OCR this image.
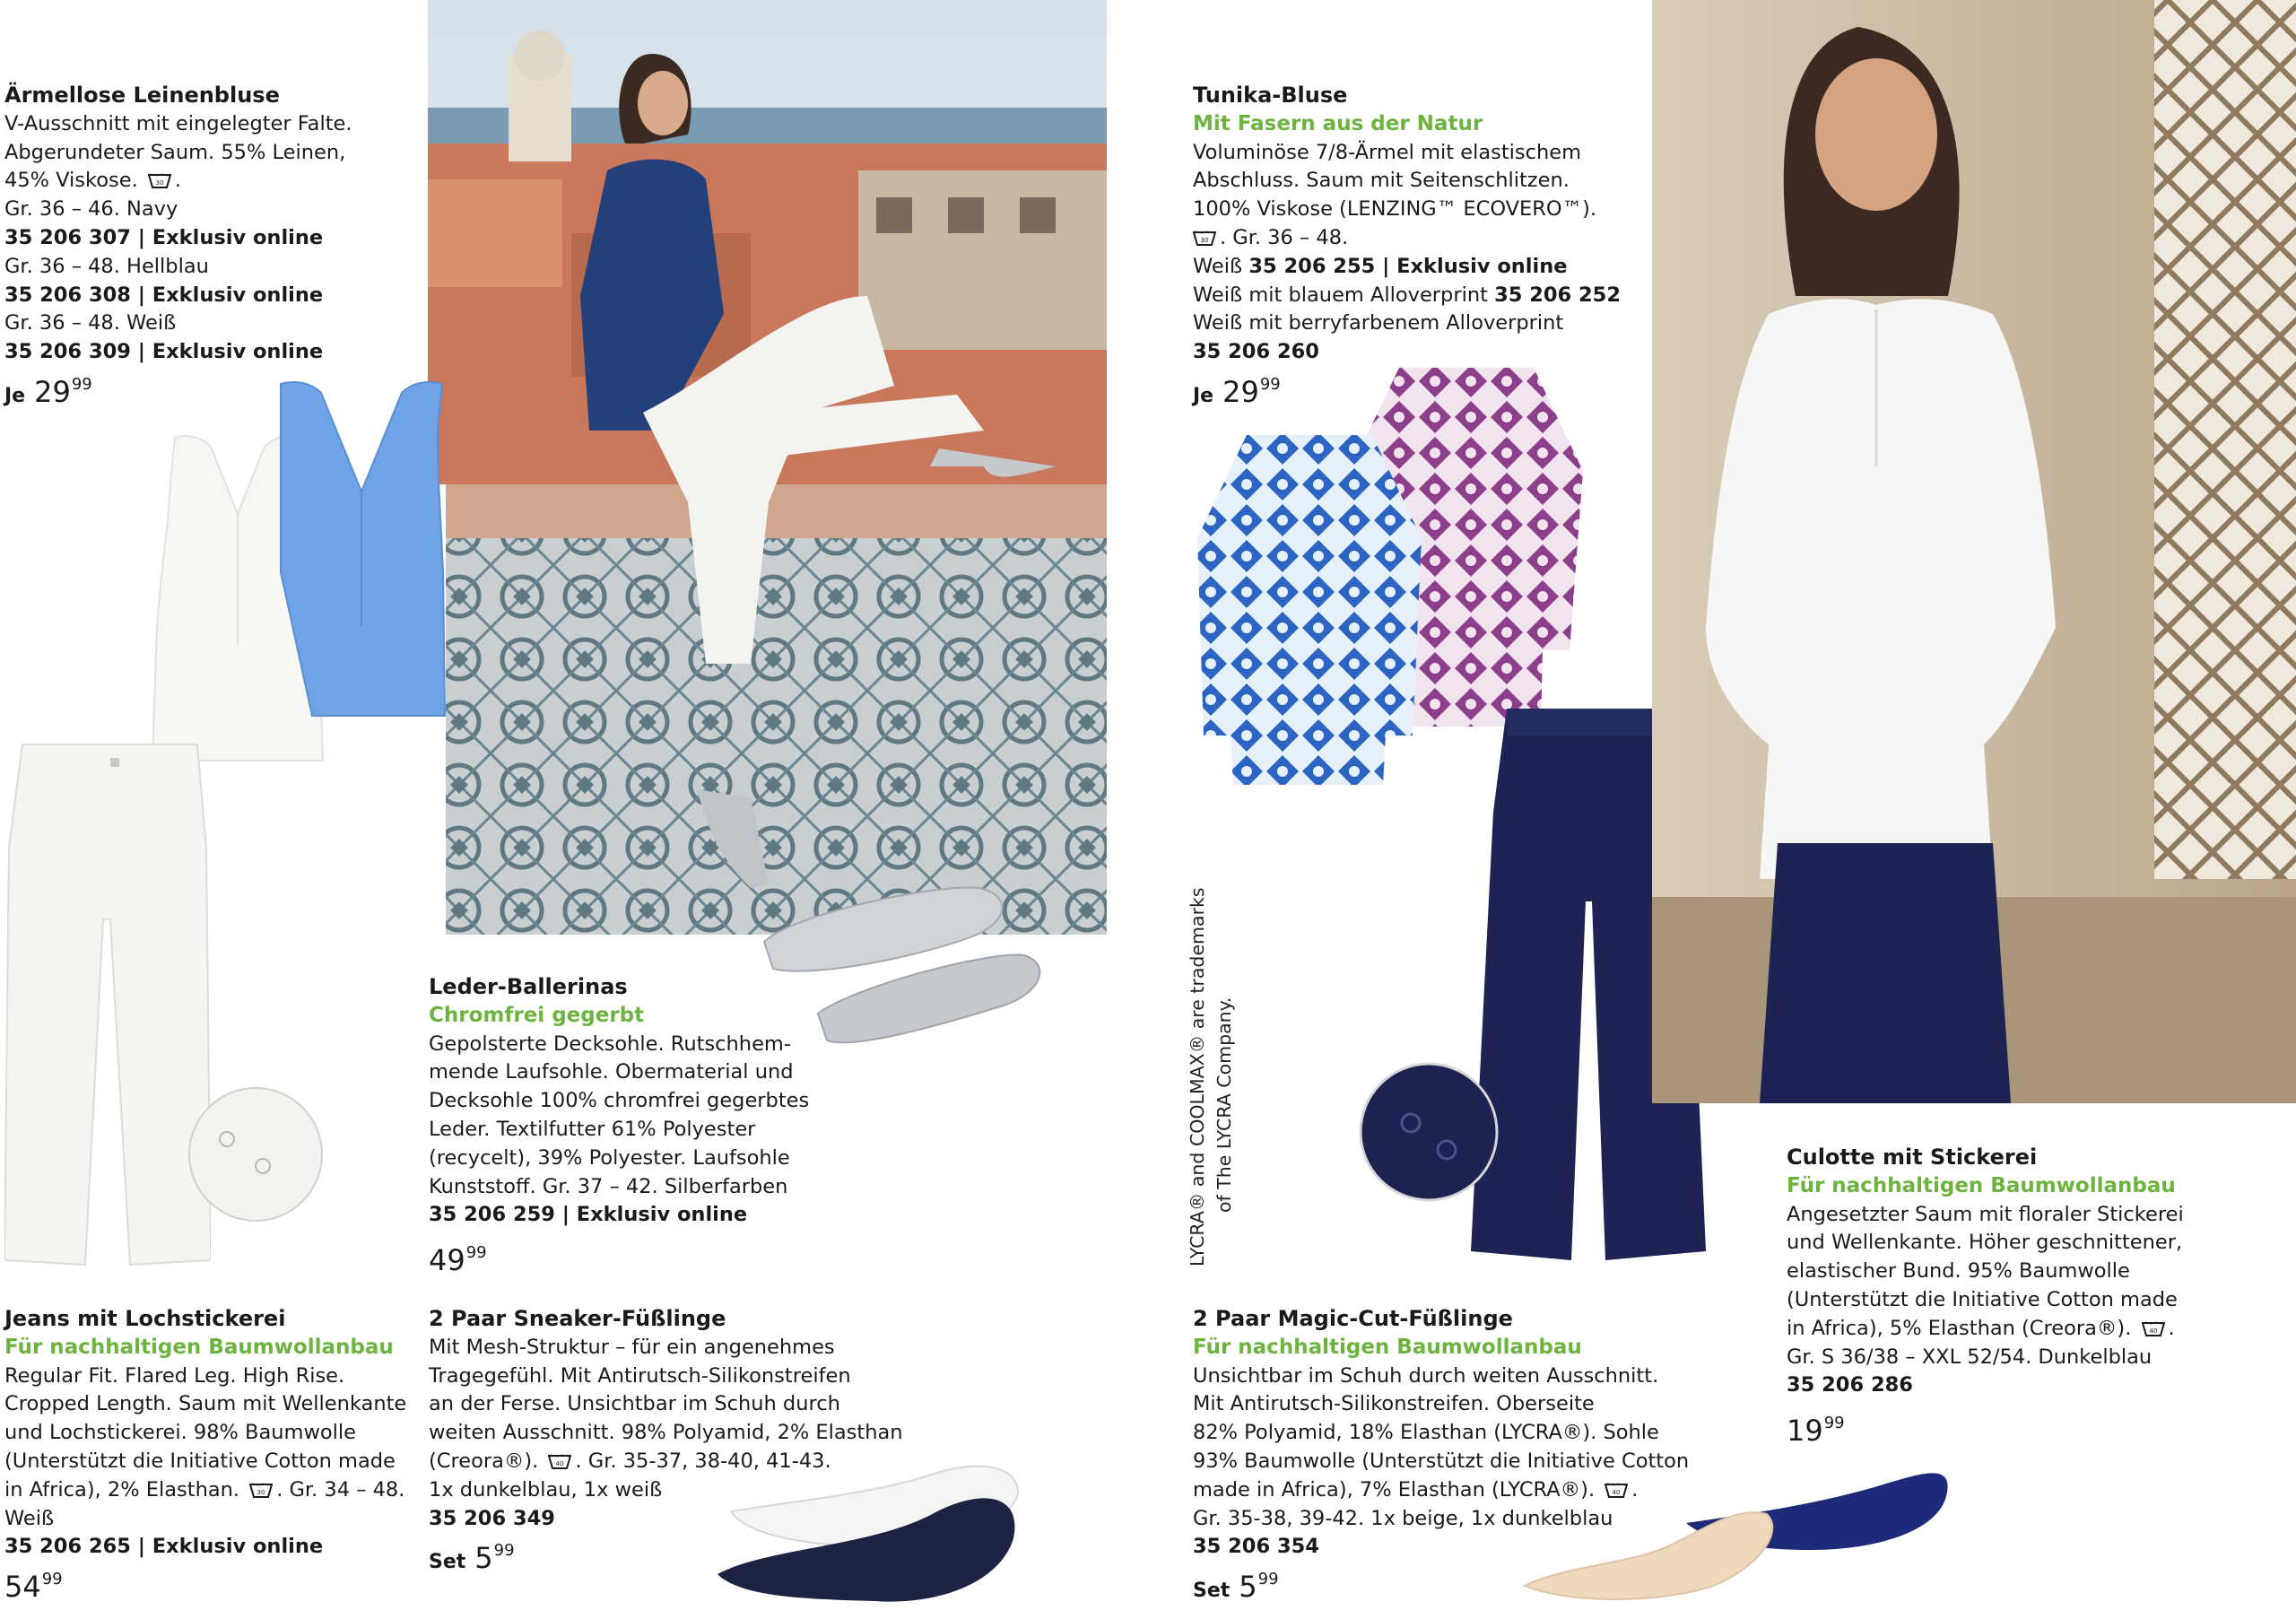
Ärmellose Leinenbluse
V-Ausschnitt mit eingelegter Falte.
Abgerundeter Saum. 55% Leinen,
45% Viskose.	30 .
Gr. 36 – 46. Navy
35 206 307 | Exklusiv online
Gr. 36 – 48. Hellblau
35 206 308 | Exklusiv online
Gr. 36 – 48. Weiß
35 206 309 | Exklusiv online
Je $29^{99}$
Jeans mit Lochstickerei
Für nachhaltigen Baumwollanbau
Regular Fit. Flared Leg. High Rise.
Cropped Length. Saum mit Wellenkante
und Lochstickerei. 98% Baumwolle
(Unterstützt die Initiative Cotton made
in Africa), 2% Elasthan.	30 . Gr. 34 – 48.
Weiß
35 206 265 | Exklusiv online
$54^{99}$
Leder-Ballerinas
Chromfrei gegerbt
Gepolsterte Decksohle. Rutschhem-
mende Laufsohle. Obermaterial und
Decksohle 100% chromfrei gegerbtes
Leder. Textilfutter 61% Polyester
(recycelt), 39% Polyester. Laufsohle
Kunststoff. Gr. 37 – 42. Silberfarben
35 206 259 | Exklusiv online
$49^{99}$
2 Paar Sneaker-Füßlinge
Mit Mesh-Struktur – für ein angenehmes
Tragegefühl. Mit Antirutsch-Silikonstreifen
an der Ferse. Unsichtbar im Schuh durch
weiten Ausschnitt. 98% Polyamid, 2% Elasthan
(Creora®).	40 . Gr. 35-37, 38-40, 41-43.
1x dunkelblau, 1x weiß
35 206 349
Set $5^{99}$
Tunika-Bluse
Mit Fasern aus der Natur
Voluminöse 7/8-Ärmel mit elastischem
Abschluss. Saum mit Seitenschlitzen.
100% Viskose (LENZING™ ECOVERO™).
30 . Gr. 36 – 48.
Weiß 35 206 255 | Exklusiv online
Weiß mit blauem Alloverprint 35 206 252
Weiß mit berryfarbenem Alloverprint
35 206 260
Je $29^{99}$
LYCRA® and COOLMAX® are trademarks of The LYCRA Company.
2 Paar Magic-Cut-Füßlinge
Für nachhaltigen Baumwollanbau
Unsichtbar im Schuh durch weiten Ausschnitt.
Mit Antirutsch-Silikonstreifen. Oberseite
82% Polyamid, 18% Elasthan (LYCRA®). Sohle
93% Baumwolle (Unterstützt die Initiative Cotton
made in Africa), 7% Elasthan (LYCRA®).	40 .
Gr. 35-38, 39-42. 1x beige, 1x dunkelblau
35 206 354
Set $5^{99}$
Culotte mit Stickerei
Für nachhaltigen Baumwollanbau
Angesetzter Saum mit floraler Stickerei
und Wellenkante. Höher geschnittener,
elastischer Bund. 95% Baumwolle
(Unterstützt die Initiative Cotton made
in Africa), 5% Elasthan (Creora®).	40 .
Gr. S 36/38 – XXL 52/54. Dunkelblau
35 206 286
$19^{99}$
